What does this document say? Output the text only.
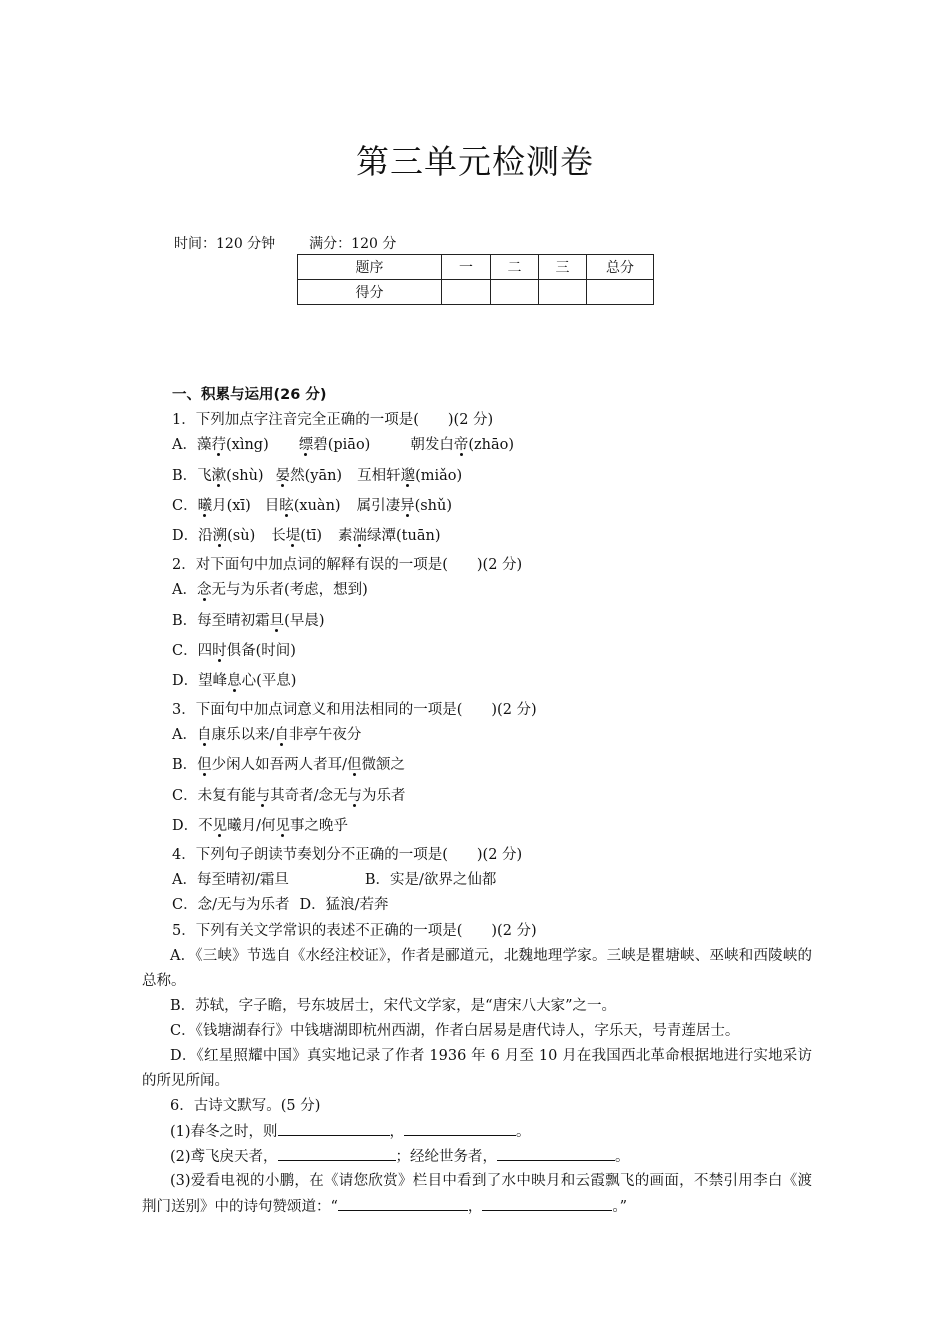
第三单元检测卷
时间：120 分钟 满分：120 分
题序	一	二	三	总分
得分				
一、积累与运用(26 分)
1．下列加点字注音完全正确的一项是(　　)(2 分)
A．藻荇(xìng) 缥碧(piāo)	朝发白帝(zhāo)
B．飞漱(shù) 晏然(yān) 互相轩邈(miǎo)
C．曦月(xī) 目眩(xuàn) 属引凄异(shǔ)
D．沿溯(sù) 长堤(tī) 素湍绿潭(tuān)
2．对下面句中加点词的解释有误的一项是(　　)(2 分)
A．念无与为乐者(考虑，想到)
B．每至晴初霜旦(早晨)
C．四时俱备(时间)
D．望峰息心(平息)
3．下面句中加点词意义和用法相同的一项是(　　)(2 分)
A．自康乐以来/自非亭午夜分
B．但少闲人如吾两人者耳/但微颔之
C．未复有能与其奇者/念无与为乐者
D．不见曦月/何见事之晚乎
4．下列句子朗读节奏划分不正确的一项是(　　)(2 分)
A．每至晴初/霜旦	B．实是/欲界之仙都
C．念/无与为乐者 D．猛浪/若奔
5．下列有关文学常识的表述不正确的一项是(　　)(2 分)
A．《三峡》节选自《水经注校证》，作者是郦道元，北魏地理学家。三峡是瞿塘峡、巫峡和西陵峡的总称。
B．苏轼，字子瞻，号东坡居士，宋代文学家，是“唐宋八大家”之一。
C．《钱塘湖春行》中钱塘湖即杭州西湖，作者白居易是唐代诗人，字乐天，号青莲居士。
D．《红星照耀中国》真实地记录了作者 1936 年 6 月至 10 月在我国西北革命根据地进行实地采访的所见所闻。
6．古诗文默写。(5 分)
(1)春冬之时，则	，	。
(2)鸢飞戾天者，	；经纶世务者，	。
(3)爱看电视的小鹏，在《请您欣赏》栏目中看到了水中映月和云霞飘飞的画面，不禁引用李白《渡荆门送别》中的诗句赞颂道：“	，	。”
